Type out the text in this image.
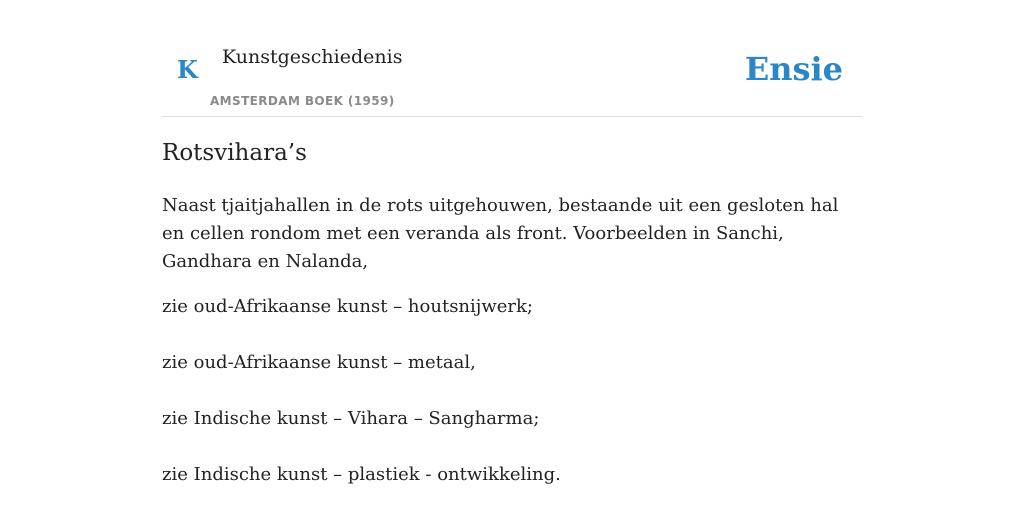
K Kunstgeschiedenis
AMSTERDAM BOEK (1959)
Ensie
Rotsvihara’s

Naast tjaitjahallen in de rots uitgehouwen, bestaande uit een gesloten hal en cellen rondom met een veranda als front. Voorbeelden in Sanchi, Gandhara en Nalanda,

zie oud-Afrikaanse kunst – houtsnijwerk;
zie oud-Afrikaanse kunst – metaal,
zie Indische kunst – Vihara – Sangharma;
zie Indische kunst – plastiek - ontwikkeling.
